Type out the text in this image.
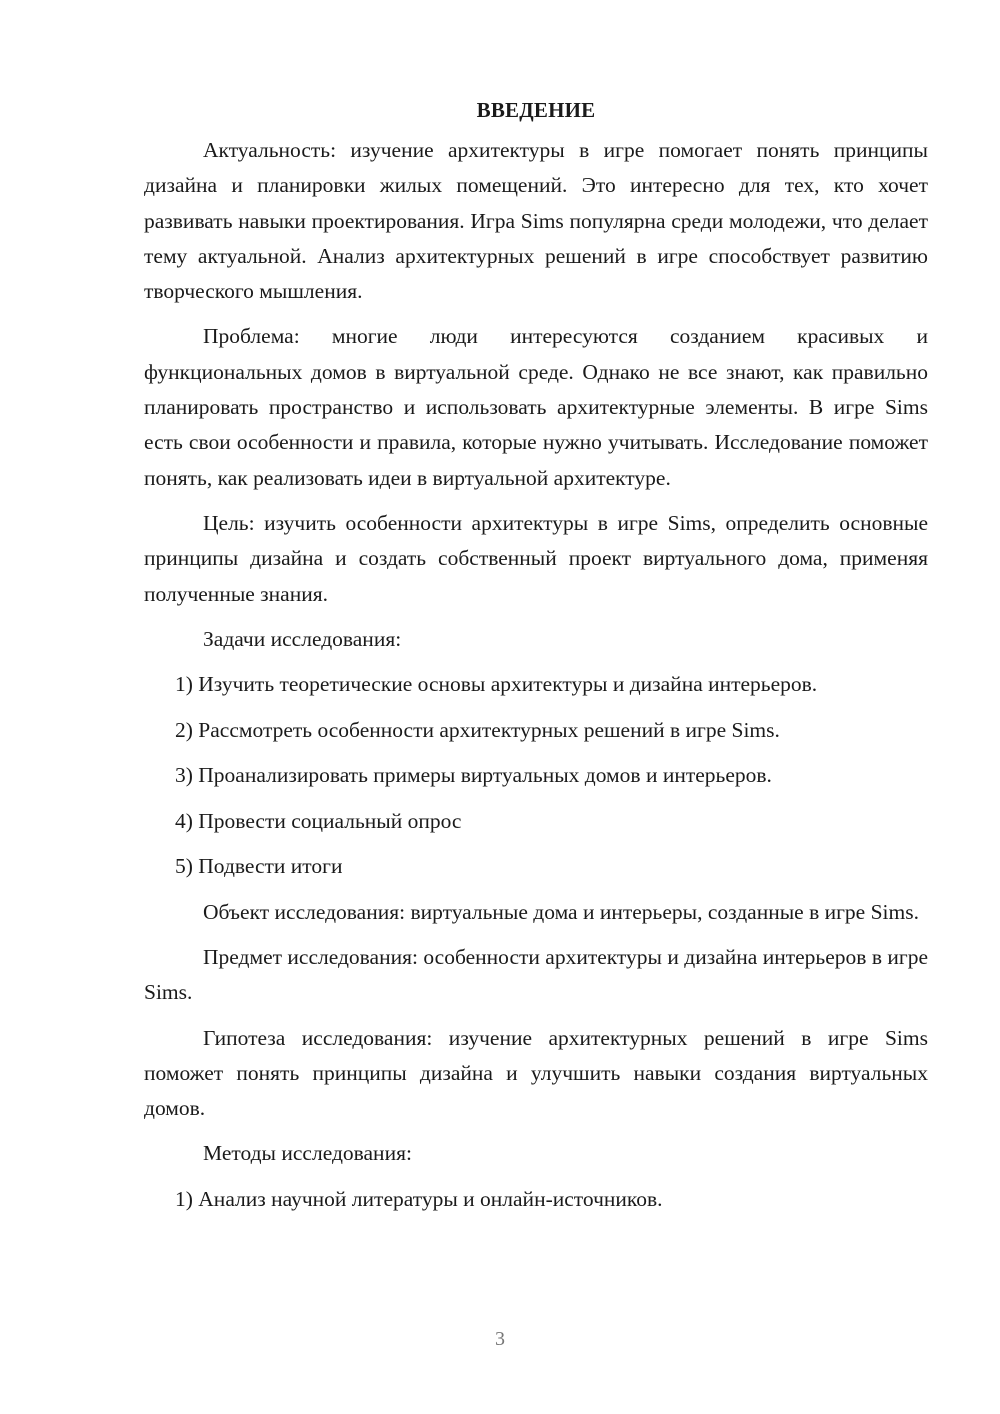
ВВЕДЕНИЕ

Актуальность: изучение архитектуры в игре помогает понять принципы дизайна и планировки жилых помещений. Это интересно для тех, кто хочет развивать навыки проектирования. Игра Sims популярна среди молодежи, что делает тему актуальной. Анализ архитектурных решений в игре способствует развитию творческого мышления.

Проблема: многие люди интересуются созданием красивых и функциональных домов в виртуальной среде. Однако не все знают, как правильно планировать пространство и использовать архитектурные элементы. В игре Sims есть свои особенности и правила, которые нужно учитывать. Исследование поможет понять, как реализовать идеи в виртуальной архитектуре.

Цель: изучить особенности архитектуры в игре Sims, определить основные принципы дизайна и создать собственный проект виртуального дома, применяя полученные знания.

Задачи исследования:

1) Изучить теоретические основы архитектуры и дизайна интерьеров.
2) Рассмотреть особенности архитектурных решений в игре Sims.
3) Проанализировать примеры виртуальных домов и интерьеров.
4) Провести социальный опрос
5) Подвести итоги

Объект исследования: виртуальные дома и интерьеры, созданные в игре Sims.

Предмет исследования: особенности архитектуры и дизайна интерьеров в игре Sims.

Гипотеза исследования: изучение архитектурных решений в игре Sims поможет понять принципы дизайна и улучшить навыки создания виртуальных домов.

Методы исследования:

1) Анализ научной литературы и онлайн-источников.
3
